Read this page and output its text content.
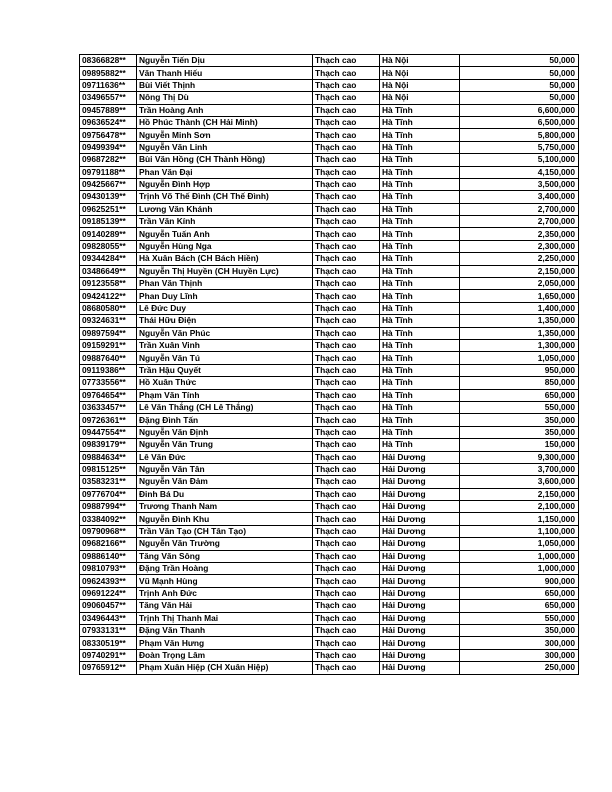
08366828**	Nguyễn Tiến Dịu	Thạch cao	Hà Nội	50,000
09895882**	Văn Thanh Hiếu	Thạch cao	Hà Nội	50,000
09711636**	Bùi Viết Thịnh	Thạch cao	Hà Nội	50,000
03496557**	Nông Thị Dù	Thạch cao	Hà Nội	50,000
09457889**	Trần Hoàng Anh	Thạch cao	Hà Tĩnh	6,600,000
09636524**	Hồ Phúc Thành (CH Hải Minh)	Thạch cao	Hà Tĩnh	6,500,000
09756478**	Nguyễn Minh Sơn	Thạch cao	Hà Tĩnh	5,800,000
09499394**	Nguyễn Văn Linh	Thạch cao	Hà Tĩnh	5,750,000
09687282**	Bùi Văn Hồng (CH Thành Hồng)	Thạch cao	Hà Tĩnh	5,100,000
09791188**	Phan Văn Đại	Thạch cao	Hà Tĩnh	4,150,000
09425667**	Nguyễn Đình Hợp	Thạch cao	Hà Tĩnh	3,500,000
09430139**	Trịnh Võ Thế Đình (CH Thế Đình)	Thạch cao	Hà Tĩnh	3,400,000
09625251**	Lương Văn Khánh	Thạch cao	Hà Tĩnh	2,700,000
09185139**	Trần Văn Kính	Thạch cao	Hà Tĩnh	2,700,000
09140289**	Nguyễn Tuấn Anh	Thạch cao	Hà Tĩnh	2,350,000
09828055**	Nguyễn Hùng Nga	Thạch cao	Hà Tĩnh	2,300,000
09344284**	Hà Xuân Bách (CH Bách Hiền)	Thạch cao	Hà Tĩnh	2,250,000
03486649**	Nguyễn Thị Huyền (CH Huyền Lực)	Thạch cao	Hà Tĩnh	2,150,000
09123558**	Phan Văn Thịnh	Thạch cao	Hà Tĩnh	2,050,000
09424122**	Phan Duy Lĩnh	Thạch cao	Hà Tĩnh	1,650,000
08680580**	Lê Đức Duy	Thạch cao	Hà Tĩnh	1,400,000
09324631**	Thái Hữu Điện	Thạch cao	Hà Tĩnh	1,350,000
09897594**	Nguyễn Văn Phúc	Thạch cao	Hà Tĩnh	1,350,000
09159291**	Trần Xuân Vinh	Thạch cao	Hà Tĩnh	1,300,000
09887640**	Nguyễn Văn Tú	Thạch cao	Hà Tĩnh	1,050,000
09119386**	Trần Hậu Quyết	Thạch cao	Hà Tĩnh	950,000
07733556**	Hồ Xuân Thức	Thạch cao	Hà Tĩnh	850,000
09764654**	Phạm Văn Tính	Thạch cao	Hà Tĩnh	650,000
03633457**	Lê Văn Thắng (CH Lê Thắng)	Thạch cao	Hà Tĩnh	550,000
09726361**	Đặng Đình Tấn	Thạch cao	Hà Tĩnh	350,000
09447554**	Nguyễn Văn Định	Thạch cao	Hà Tĩnh	350,000
09839179**	Nguyễn Văn Trung	Thạch cao	Hà Tĩnh	150,000
09884634**	Lê Văn Đức	Thạch cao	Hải Dương	9,300,000
09815125**	Nguyễn Văn Tân	Thạch cao	Hải Dương	3,700,000
03583231**	Nguyễn Văn Đảm	Thạch cao	Hải Dương	3,600,000
09776704**	Đinh Bá Du	Thạch cao	Hải Dương	2,150,000
09887994**	Trương Thanh Nam	Thạch cao	Hải Dương	2,100,000
03384092**	Nguyễn Đình Khu	Thạch cao	Hải Dương	1,150,000
09790968**	Trần Văn Tạo (CH Tân Tạo)	Thạch cao	Hải Dương	1,100,000
09682166**	Nguyễn Văn Trường	Thạch cao	Hải Dương	1,050,000
09886140**	Tăng Văn Sông	Thạch cao	Hải Dương	1,000,000
09810793**	Đặng Trần Hoàng	Thạch cao	Hải Dương	1,000,000
09624393**	Vũ Mạnh Hùng	Thạch cao	Hải Dương	900,000
09691224**	Trịnh Anh Đức	Thạch cao	Hải Dương	650,000
09060457**	Tăng Văn Hải	Thạch cao	Hải Dương	650,000
03496443**	Trịnh Thị Thanh Mai	Thạch cao	Hải Dương	550,000
07933131**	Đặng Văn Thanh	Thạch cao	Hải Dương	350,000
08330519**	Phạm Văn Hưng	Thạch cao	Hải Dương	300,000
09740291**	Đoàn Trọng Lâm	Thạch cao	Hải Dương	300,000
09765912**	Phạm Xuân Hiệp (CH Xuân Hiệp)	Thạch cao	Hải Dương	250,000
